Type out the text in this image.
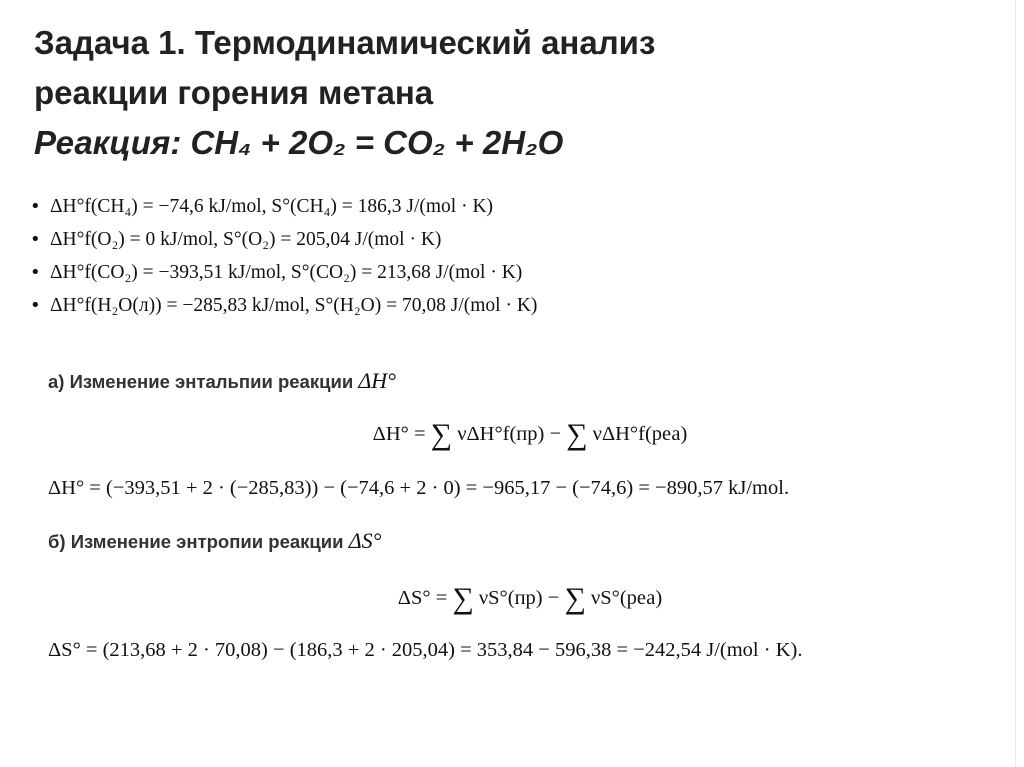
Задача 1. Термодинамический анализ
реакции горения метана
Реакция: CH₄ + 2O₂ = CO₂ + 2H₂O
• ΔH°f(CH₄) = −74,6 kJ/mol, S°(CH₄) = 186,3 J/(mol · K)
• ΔH°f(O₂) = 0 kJ/mol, S°(O₂) = 205,04 J/(mol · K)
• ΔH°f(CO₂) = −393,51 kJ/mol, S°(CO₂) = 213,68 J/(mol · K)
• ΔH°f(H₂O(л)) = −285,83 kJ/mol, S°(H₂O) = 70,08 J/(mol · K)
а) Изменение энтальпии реакции ΔH°
ΔH° = ∑ νΔH°f(пр) − ∑ νΔH°f(реа)
ΔH° = (−393,51 + 2 · (−285,83)) − (−74,6 + 2 · 0) = −965,17 − (−74,6) = −890,57 kJ/mol.
б) Изменение энтропии реакции ΔS°
ΔS° = ∑ νS°(пр) − ∑ νS°(реа)
ΔS° = (213,68 + 2 · 70,08) − (186,3 + 2 · 205,04) = 353,84 − 596,38 = −242,54 J/(mol · K).
